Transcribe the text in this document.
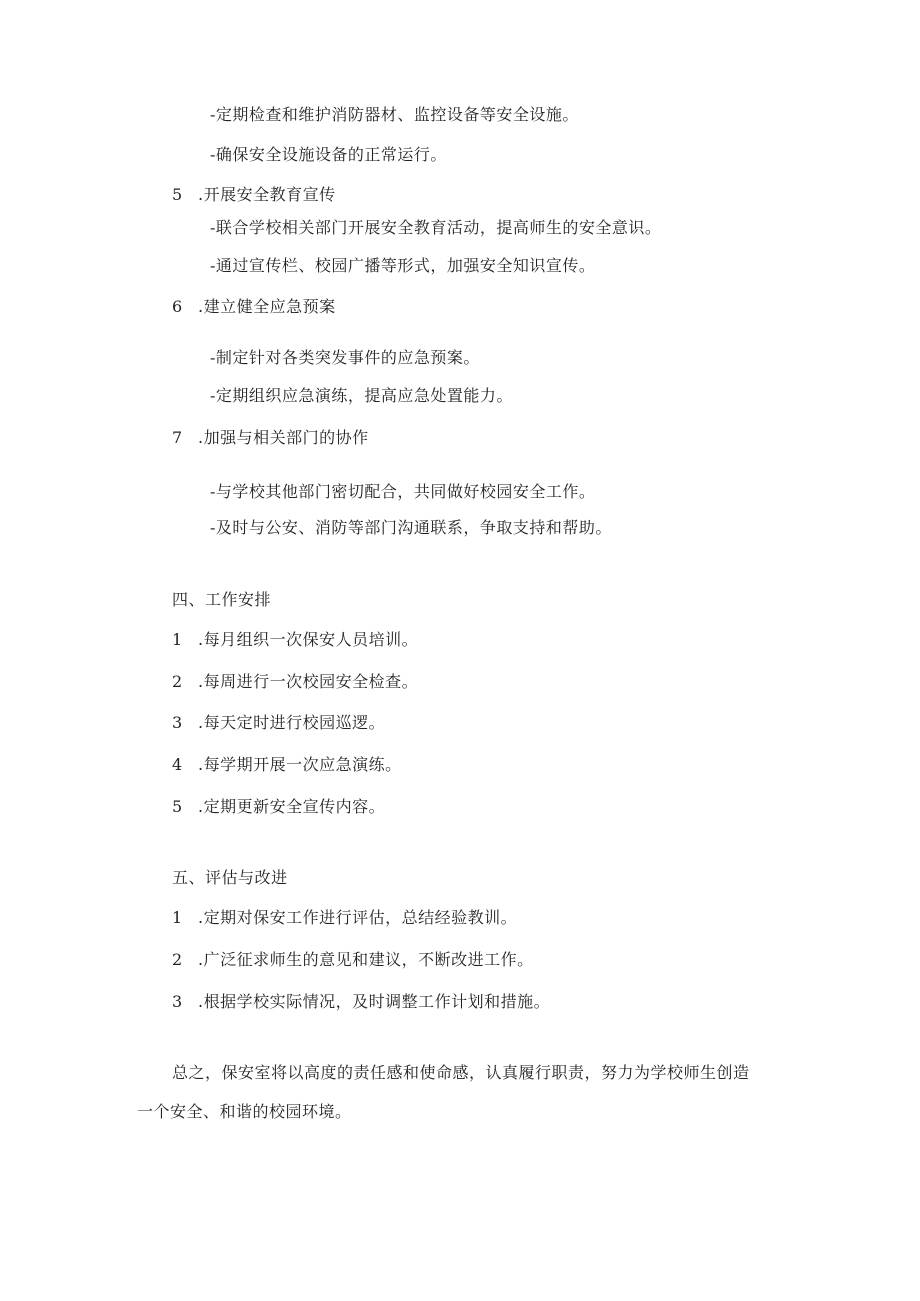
-定期检查和维护消防器材、监控设备等安全设施。
-确保安全设施设备的正常运行。
5 .开展安全教育宣传
-联合学校相关部门开展安全教育活动，提高师生的安全意识。
-通过宣传栏、校园广播等形式，加强安全知识宣传。
6 .建立健全应急预案
-制定针对各类突发事件的应急预案。
-定期组织应急演练，提高应急处置能力。
7 .加强与相关部门的协作
-与学校其他部门密切配合，共同做好校园安全工作。
-及时与公安、消防等部门沟通联系，争取支持和帮助。
四、工作安排
1 .每月组织一次保安人员培训。
2 .每周进行一次校园安全检查。
3 .每天定时进行校园巡逻。
4 .每学期开展一次应急演练。
5 .定期更新安全宣传内容。
五、评估与改进
1 .定期对保安工作进行评估，总结经验教训。
2 .广泛征求师生的意见和建议，不断改进工作。
3 .根据学校实际情况，及时调整工作计划和措施。
总之，保安室将以高度的责任感和使命感，认真履行职责，努力为学校师生创造
一个安全、和谐的校园环境。
